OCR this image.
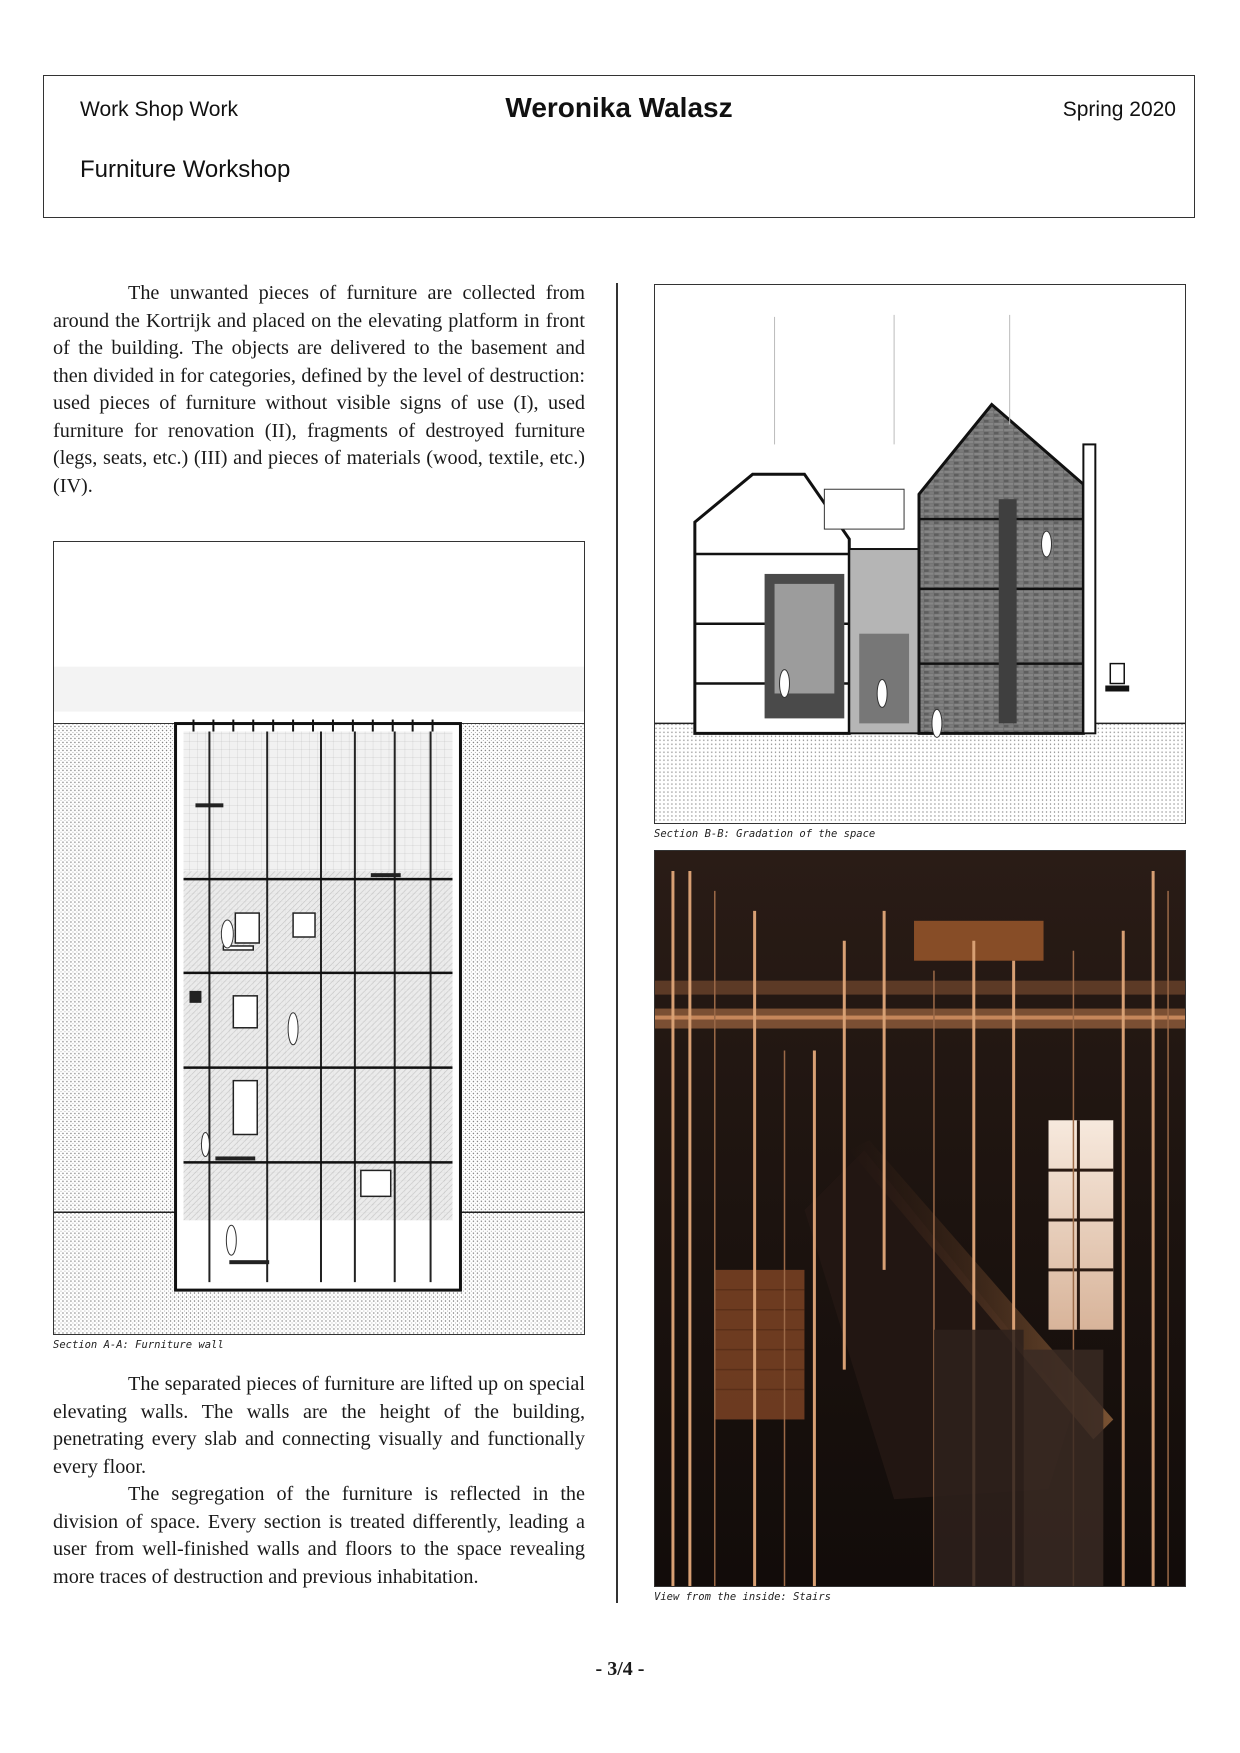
Work Shop Work
Furniture Workshop
Weronika Walasz	Spring 2020

The unwanted pieces of furniture are collected from around the Kortrijk and placed on the elevating platform in front of the building. The objects are delivered to the basement and then divided in for categories, defined by the level of destruction: used pieces of furniture without visible signs of use (I), used furniture for renovation (II), fragments of destroyed furniture (legs, seats, etc.) (III) and pieces of materials (wood, textile, etc.) (IV).

Section A-A: Furniture wall
The separated pieces of furniture are lifted up on special elevating walls. The walls are the height of the building, penetrating every slab and connecting visually and functionally every floor.
The segregation of the furniture is reflected in the division of space. Every section is treated differently, leading a user from well-finished walls and floors to the space revealing more traces of destruction and previous inhabitation.
Section B-B: Gradation of the space
View from the inside: Stairs
- 3/4 -
